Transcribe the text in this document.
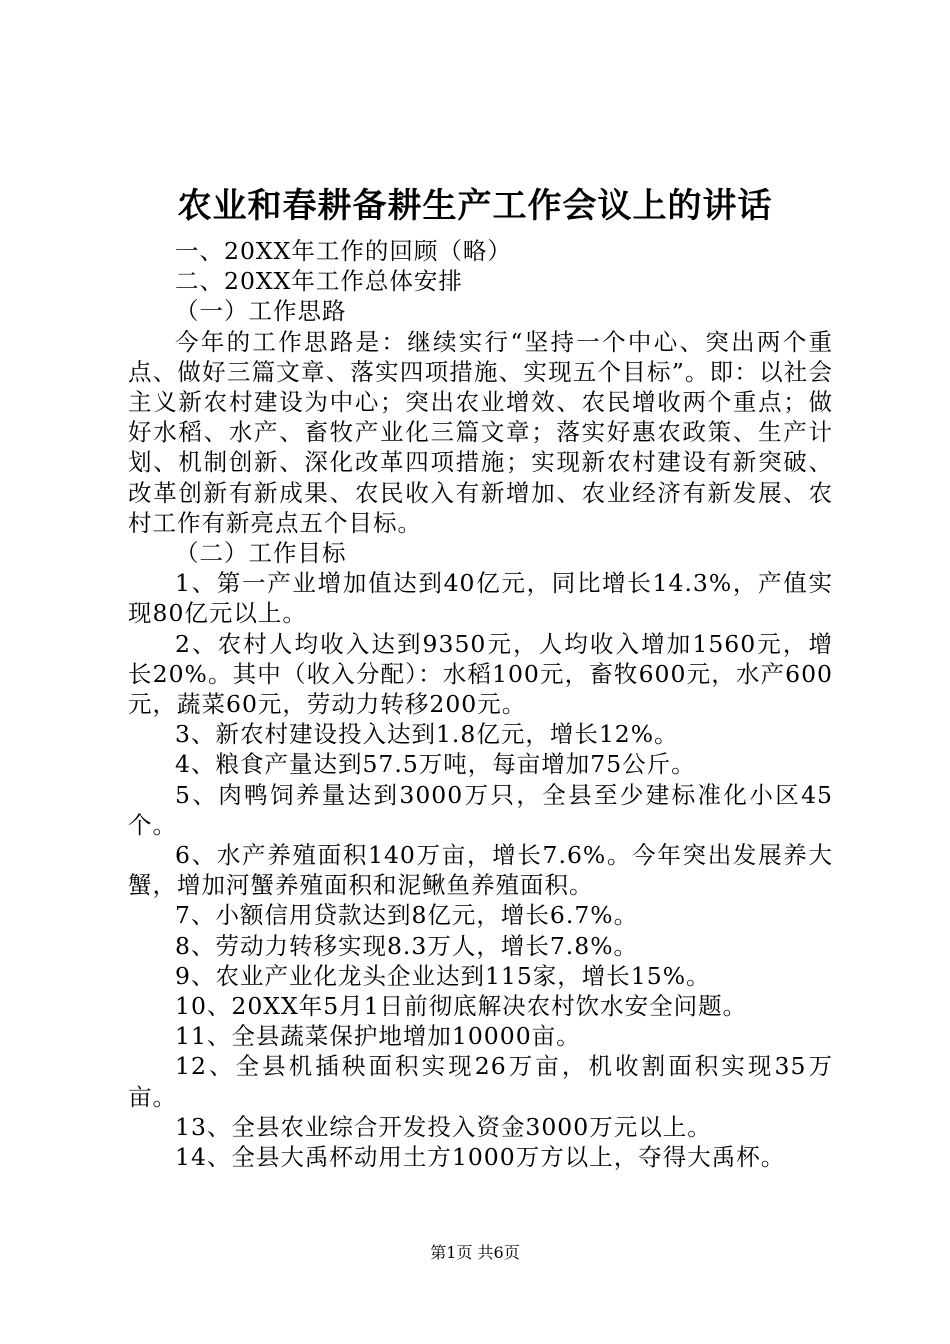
农业和春耕备耕生产工作会议上的讲话

一、20XX年工作的回顾（略）

二、20XX年工作总体安排

（一）工作思路

今年的工作思路是：继续实行“坚持一个中心、突出两个重点、做好三篇文章、落实四项措施、实现五个目标”。即：以社会主义新农村建设为中心；突出农业增效、农民增收两个重点；做好水稻、水产、畜牧产业化三篇文章；落实好惠农政策、生产计划、机制创新、深化改革四项措施；实现新农村建设有新突破、改革创新有新成果、农民收入有新增加、农业经济有新发展、农村工作有新亮点五个目标。

（二）工作目标

1、第一产业增加值达到40亿元，同比增长14.3%，产值实现80亿元以上。

2、农村人均收入达到9350元，人均收入增加1560元，增长20%。其中（收入分配）：水稻100元，畜牧600元，水产600元，蔬菜60元，劳动力转移200元。

3、新农村建设投入达到1.8亿元，增长12%。

4、粮食产量达到57.5万吨，每亩增加75公斤。

5、肉鸭饲养量达到3000万只，全县至少建标准化小区45个。

6、水产养殖面积140万亩，增长7.6%。今年突出发展养大蟹，增加河蟹养殖面积和泥鳅鱼养殖面积。

7、小额信用贷款达到8亿元，增长6.7%。

8、劳动力转移实现8.3万人，增长7.8%。

9、农业产业化龙头企业达到115家，增长15%。

10、20XX年5月1日前彻底解决农村饮水安全问题。

11、全县蔬菜保护地增加10000亩。

12、全县机插秧面积实现26万亩，机收割面积实现35万亩。

13、全县农业综合开发投入资金3000万元以上。

14、全县大禹杯动用土方1000万方以上，夺得大禹杯。

第1页 共6页
